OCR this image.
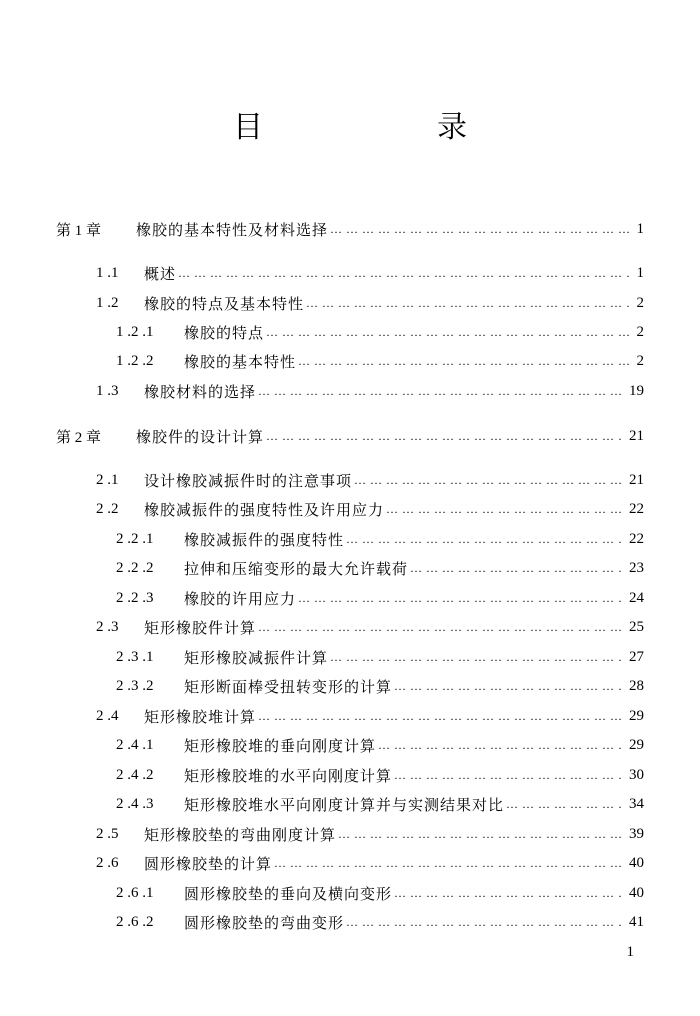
目　录
第 1 章	橡胶的基本特性及材料选择 … … … … … … … … … … … … … … … … … … … … … … … … … … … … … … … … … … … … … … … … … … … … … … … … …	1
1 .1	概述 … … … … … … … … … … … … … … … … … … … … … … … … … … … … … … … … … … … … … … … … … … … … … … … … …	1
1 .2	橡胶的特点及基本特性 … … … … … … … … … … … … … … … … … … … … … … … … … … … … … … … … … … … … … … … … … … … … … … … … …	2
1 .2 .1	橡胶的特点 … … … … … … … … … … … … … … … … … … … … … … … … … … … … … … … … … … … … … … … … … … … … … … … … …	2
1 .2 .2	橡胶的基本特性 … … … … … … … … … … … … … … … … … … … … … … … … … … … … … … … … … … … … … … … … … … … … … … … … …	2
1 .3	橡胶材料的选择 … … … … … … … … … … … … … … … … … … … … … … … … … … … … … … … … … … … … … … … … … … … … … … … … …	19
第 2 章	橡胶件的设计计算 … … … … … … … … … … … … … … … … … … … … … … … … … … … … … … … … … … … … … … … … … … … … … … … … …	21
2 .1	设计橡胶减振件时的注意事项 … … … … … … … … … … … … … … … … … … … … … … … … … … … … … … … … … … … … … … … … … … … … … … … … …	21
2 .2	橡胶减振件的强度特性及许用应力 … … … … … … … … … … … … … … … … … … … … … … … … … … … … … … … … … … … … … … … … … … … … … … … … …	22
2 .2 .1	橡胶减振件的强度特性 … … … … … … … … … … … … … … … … … … … … … … … … … … … … … … … … … … … … … … … … … … … … … … … … …	22
2 .2 .2	拉伸和压缩变形的最大允许载荷 … … … … … … … … … … … … … … … … … … … … … … … … … … … … … … … … … … … … … … … … … … … … … … … … …	23
2 .2 .3	橡胶的许用应力 … … … … … … … … … … … … … … … … … … … … … … … … … … … … … … … … … … … … … … … … … … … … … … … … …	24
2 .3	矩形橡胶件计算 … … … … … … … … … … … … … … … … … … … … … … … … … … … … … … … … … … … … … … … … … … … … … … … … …	25
2 .3 .1	矩形橡胶减振件计算 … … … … … … … … … … … … … … … … … … … … … … … … … … … … … … … … … … … … … … … … … … … … … … … … …	27
2 .3 .2	矩形断面棒受扭转变形的计算 … … … … … … … … … … … … … … … … … … … … … … … … … … … … … … … … … … … … … … … … … … … … … … … … …	28
2 .4	矩形橡胶堆计算 … … … … … … … … … … … … … … … … … … … … … … … … … … … … … … … … … … … … … … … … … … … … … … … … …	29
2 .4 .1	矩形橡胶堆的垂向刚度计算 … … … … … … … … … … … … … … … … … … … … … … … … … … … … … … … … … … … … … … … … … … … … … … … … …	29
2 .4 .2	矩形橡胶堆的水平向刚度计算 … … … … … … … … … … … … … … … … … … … … … … … … … … … … … … … … … … … … … … … … … … … … … … … … …	30
2 .4 .3	矩形橡胶堆水平向刚度计算并与实测结果对比 … … … … … … … … … … … … … … … … … … … … … … … … … … … … … … … … … … … … … … … … … … … … … … … … …	34
2 .5	矩形橡胶垫的弯曲刚度计算 … … … … … … … … … … … … … … … … … … … … … … … … … … … … … … … … … … … … … … … … … … … … … … … … …	39
2 .6	圆形橡胶垫的计算 … … … … … … … … … … … … … … … … … … … … … … … … … … … … … … … … … … … … … … … … … … … … … … … … …	40
2 .6 .1	圆形橡胶垫的垂向及横向变形 … … … … … … … … … … … … … … … … … … … … … … … … … … … … … … … … … … … … … … … … … … … … … … … … …	40
2 .6 .2	圆形橡胶垫的弯曲变形 … … … … … … … … … … … … … … … … … … … … … … … … … … … … … … … … … … … … … … … … … … … … … … … … …	41
1
